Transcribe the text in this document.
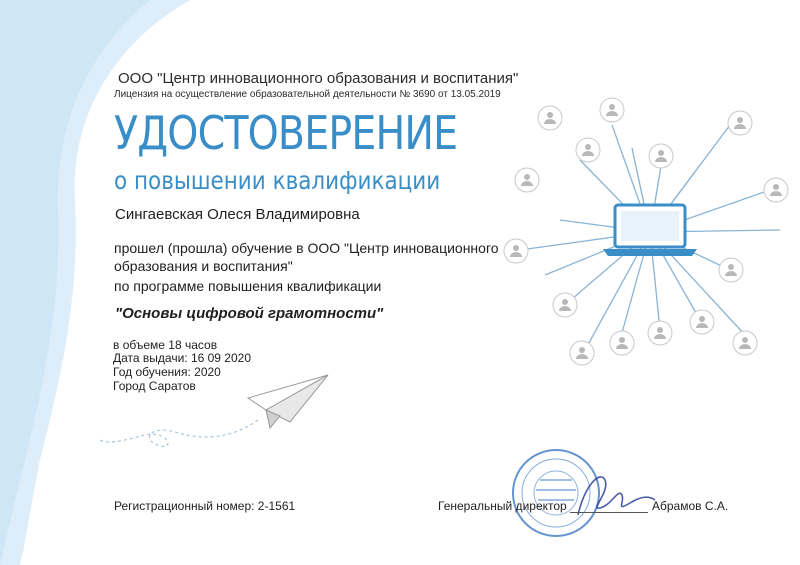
ООО "Центр инновационного образования и воспитания"
Лицензия на осуществление образовательной деятельности № 3690 от 13.05.2019
УДОСТОВЕРЕНИЕ
о повышении квалификации
Сингаевская Олеся Владимировна
прошел (прошла) обучение в ООО "Центр инновационного
образования и воспитания"
по программе повышения квалификации
"Основы цифровой грамотности"
в объеме 18 часов
Дата выдачи: 16 09 2020
Год обучения: 2020
Город Саратов
Регистрационный номер: 2-1561	Генеральный директор	Абрамов С.А.
